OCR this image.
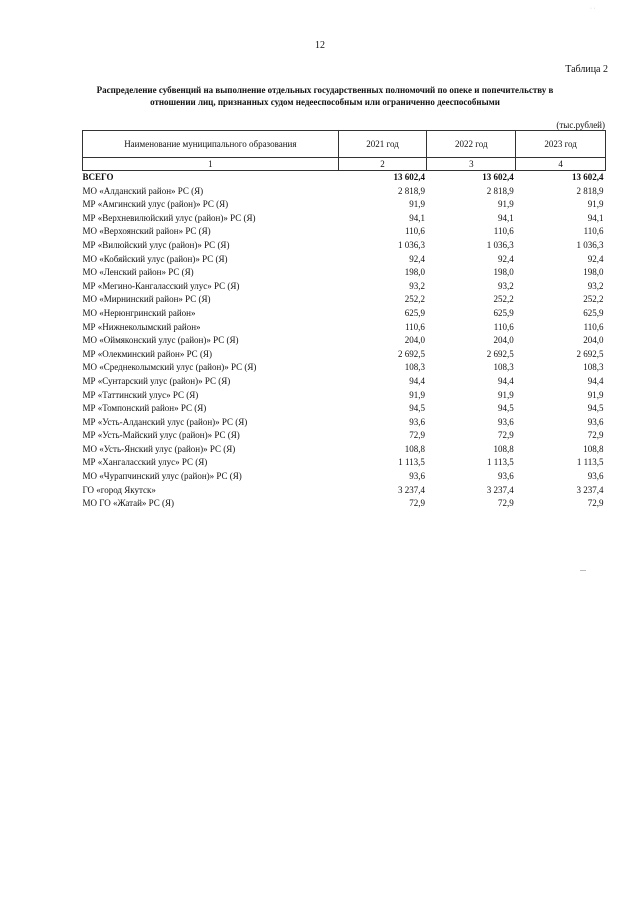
12
Таблица 2
Распределение субвенций на выполнение отдельных государственных полномочий по опеке и попечительству в
отношении лиц, признанных судом недееспособным или ограниченно дееспособными
(тыс.рублей)
Наименование муниципального образования	2021 год	2022 год	2023 год
1	2	3	4
ВСЕГО	13 602,4	13 602,4	13 602,4
МО «Алданский район» РС (Я)	2 818,9	2 818,9	2 818,9
МР «Амгинский улус (район)» РС (Я)	91,9	91,9	91,9
МР «Верхневилюйский улус (район)» РС (Я)	94,1	94,1	94,1
МО «Верхоянский район» РС (Я)	110,6	110,6	110,6
МР «Вилюйский улус (район)» РС (Я)	1 036,3	1 036,3	1 036,3
МО «Кобяйский улус (район)» РС (Я)	92,4	92,4	92,4
МО «Ленский район» РС (Я)	198,0	198,0	198,0
МР «Мегино-Кангаласский улус» РС (Я)	93,2	93,2	93,2
МО «Мирнинский район» РС (Я)	252,2	252,2	252,2
МО «Нерюнгринский район»	625,9	625,9	625,9
МР «Нижнеколымский район»	110,6	110,6	110,6
МО «Оймяконский улус (район)» РС (Я)	204,0	204,0	204,0
МР «Олекминский район» РС (Я)	2 692,5	2 692,5	2 692,5
МО «Среднеколымский улус (район)» РС (Я)	108,3	108,3	108,3
МР «Сунтарский улус (район)» РС (Я)	94,4	94,4	94,4
МР «Таттинский улус» РС (Я)	91,9	91,9	91,9
МР «Томпонский район» РС (Я)	94,5	94,5	94,5
МР «Усть-Алданский улус (район)» РС (Я)	93,6	93,6	93,6
МР «Усть-Майский улус (район)» РС (Я)	72,9	72,9	72,9
МО «Усть-Янский улус (район)» РС (Я)	108,8	108,8	108,8
МР «Хангаласский улус» РС (Я)	1 113,5	1 113,5	1 113,5
МО «Чурапчинский улус (район)» РС (Я)	93,6	93,6	93,6
ГО «город Якутск»	3 237,4	3 237,4	3 237,4
МО ГО «Жатай» РС (Я)	72,9	72,9	72,9
· ·
